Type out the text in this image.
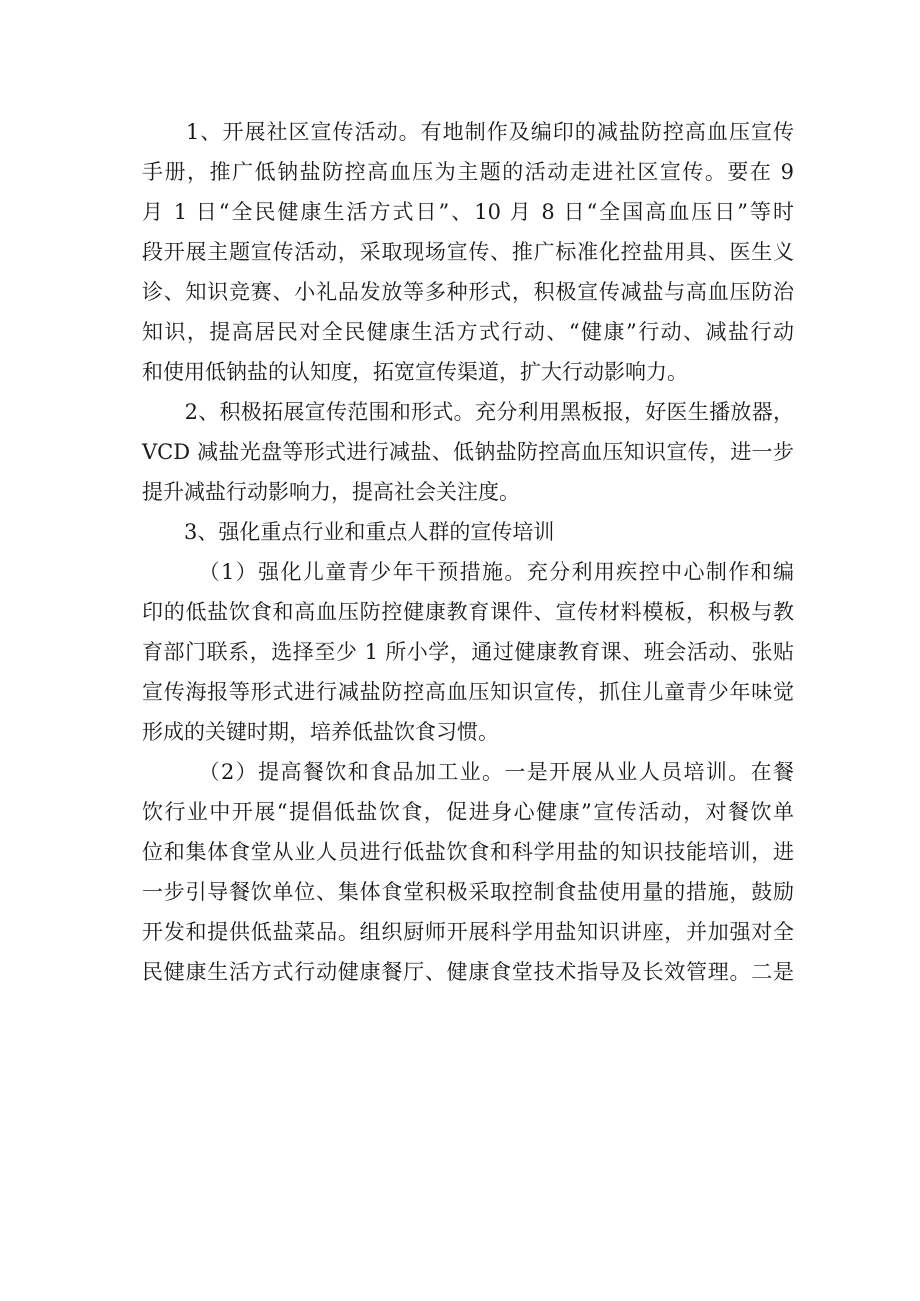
　　1、开展社区宣传活动。有地制作及编印的减盐防控高血压宣传
手册，推广低钠盐防控高血压为主题的活动走进社区宣传。要在 9
月 1 日“全民健康生活方式日”、10 月 8 日“全国高血压日”等时
段开展主题宣传活动，采取现场宣传、推广标准化控盐用具、医生义
诊、知识竞赛、小礼品发放等多种形式，积极宣传减盐与高血压防治
知识，提高居民对全民健康生活方式行动、“健康”行动、减盐行动
和使用低钠盐的认知度，拓宽宣传渠道，扩大行动影响力。
　　2、积极拓展宣传范围和形式。充分利用黑板报，好医生播放器，
VCD 减盐光盘等形式进行减盐、低钠盐防控高血压知识宣传，进一步
提升减盐行动影响力，提高社会关注度。
　　3、强化重点行业和重点人群的宣传培训
　　　（1）强化儿童青少年干预措施。充分利用疾控中心制作和编
印的低盐饮食和高血压防控健康教育课件、宣传材料模板，积极与教
育部门联系，选择至少 1 所小学，通过健康教育课、班会活动、张贴
宣传海报等形式进行减盐防控高血压知识宣传，抓住儿童青少年味觉
形成的关键时期，培养低盐饮食习惯。
　　　（2）提高餐饮和食品加工业。一是开展从业人员培训。在餐
饮行业中开展“提倡低盐饮食，促进身心健康”宣传活动，对餐饮单
位和集体食堂从业人员进行低盐饮食和科学用盐的知识技能培训，进
一步引导餐饮单位、集体食堂积极采取控制食盐使用量的措施，鼓励
开发和提供低盐菜品。组织厨师开展科学用盐知识讲座，并加强对全
民健康生活方式行动健康餐厅、健康食堂技术指导及长效管理。二是
